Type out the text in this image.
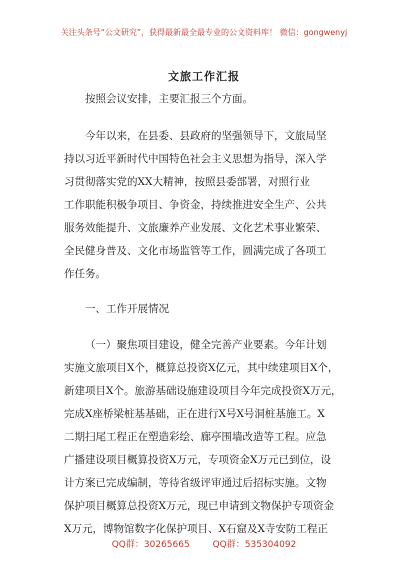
关注头条号“公文研究”，获得最新最全最专业的公文资料库！ 微信：gongwenyj
文旅工作汇报
按照会议安排，主要汇报三个方面。
今年以来，在县委、县政府的坚强领导下，文旅局坚
持以习近平新时代中国特色社会主义思想为指导，深入学
习贯彻落实党的XX大精神，按照县委部署，对照行业
工作职能积极争项目、争资金，持续推进安全生产、公共
服务效能提升、文旅廉养产业发展、文化艺术事业繁荣、
全民健身普及、文化市场监管等工作，圆满完成了各项工
作任务。
一、工作开展情况
（一）聚焦项目建设，健全完善产业要素。今年计划
实施文旅项目X个，概算总投资X亿元，其中续建项目X个，
新建项目X个。旅游基础设施建设项目今年完成投资X万元，
完成X座桥梁桩基基础，正在进行X号X号洞桩基施工。X
二期扫尾工程正在塑造彩绘、廊亭围墙改造等工程。应急
广播建设项目概算投资X万元，专项资金X万元已到位，设
计方案已完成编制，等待省级评审通过后招标实施。文物
保护项目概算总投资X万元，现已申请到文物保护专项资金
X万元，博物馆数字化保护项目、X石窟及X寺安防工程正
QQ群：30265665	QQ群：535304092
